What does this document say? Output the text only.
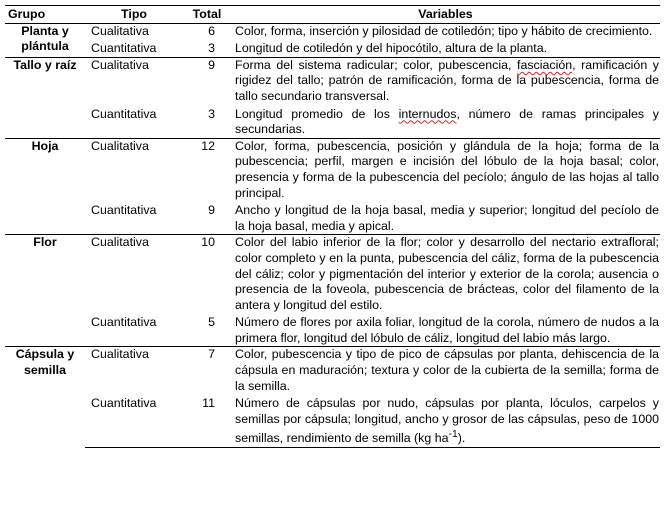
Grupo	Tipo	Total	Variables
Planta y plántula	Cualitativa	6	Color, forma, inserción y pilosidad de cotiledón; tipo y hábito de crecimiento.
	Cuantitativa	3	Longitud de cotiledón y del hipocótilo, altura de la planta.
Tallo y raíz	Cualitativa	9	Forma del sistema radicular; color, pubescencia, fasciación, ramificación y rigidez del tallo; patrón de ramificación, forma de la pubescencia, forma de tallo secundario transversal.
	Cuantitativa	3	Longitud promedio de los internudos, número de ramas principales y secundarias.
Hoja	Cualitativa	12	Color, forma, pubescencia, posición y glándula de la hoja; forma de la pubescencia; perfil, margen e incisión del lóbulo de la hoja basal; color, presencia y forma de la pubescencia del pecíolo; ángulo de las hojas al tallo principal.
	Cuantitativa	9	Ancho y longitud de la hoja basal, media y superior; longitud del pecíolo de la hoja basal, media y apical.
Flor	Cualitativa	10	Color del labio inferior de la flor; color y desarrollo del nectario extrafloral; color completo y en la punta, pubescencia del cáliz, forma de la pubescencia del cáliz; color y pigmentación del interior y exterior de la corola; ausencia o presencia de la foveola, pubescencia de brácteas, color del filamento de la antera y longitud del estilo.
	Cuantitativa	5	Número de flores por axila foliar, longitud de la corola, número de nudos a la primera flor, longitud del lóbulo de cáliz, longitud del labio más largo.
Cápsula y semilla	Cualitativa	7	Color, pubescencia y tipo de pico de cápsulas por planta, dehiscencia de la cápsula en maduración; textura y color de la cubierta de la semilla; forma de la semilla.
	Cuantitativa	11	Número de cápsulas por nudo, cápsulas por planta, lóculos, carpelos y semillas por cápsula; longitud, ancho y grosor de las cápsulas, peso de 1000 semillas, rendimiento de semilla (kg $ha^{-1}$).
